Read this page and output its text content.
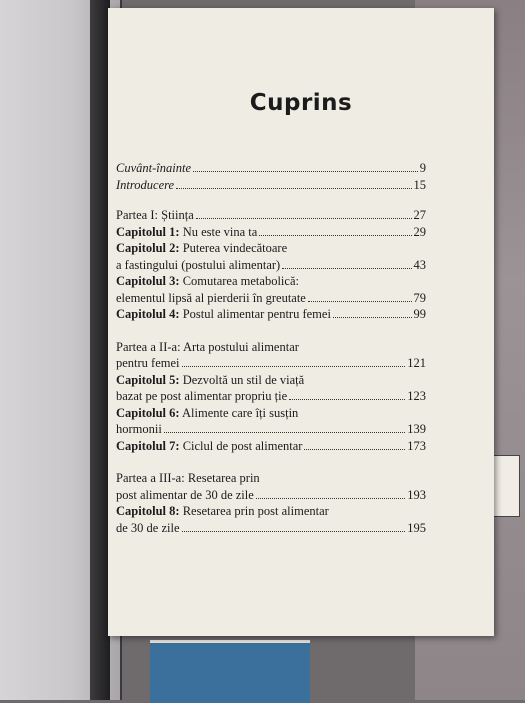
Cuprins
Cuvânt-înainte	9
Introducere	15
Partea I: Știința	27
Capitolul 1: Nu este vina ta	29
Capitolul 2: Puterea vindecătoare
a fastingului (postului alimentar)	43
Capitolul 3: Comutarea metabolică:
elementul lipsă al pierderii în greutate	79
Capitolul 4: Postul alimentar pentru femei	99
Partea a II-a: Arta postului alimentar
pentru femei	121
Capitolul 5: Dezvoltă un stil de viață
bazat pe post alimentar propriu ție	123
Capitolul 6: Alimente care îți susțin
hormonii	139
Capitolul 7: Ciclul de post alimentar	173
Partea a III-a: Resetarea prin
post alimentar de 30 de zile	193
Capitolul 8: Resetarea prin post alimentar
de 30 de zile	195
